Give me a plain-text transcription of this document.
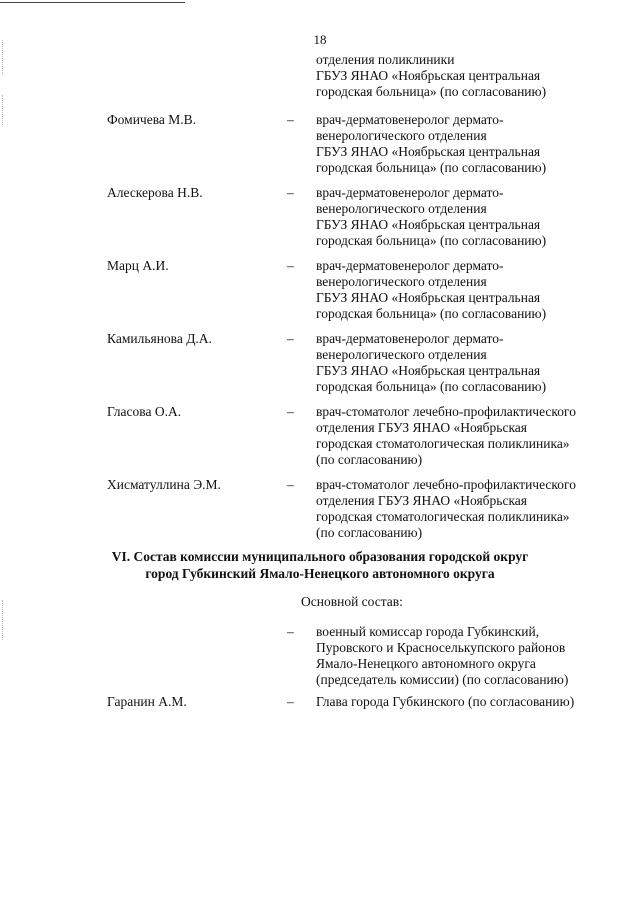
18
отделения поликлиники
ГБУЗ ЯНАО «Ноябрьская центральная
городская больница» (по согласованию)
Фомичева М.В.	– врач-дерматовенеролог дермато-
венерологического отделения
ГБУЗ ЯНАО «Ноябрьская центральная
городская больница» (по согласованию)
Алескерова Н.В.	– врач-дерматовенеролог дермато-
венерологического отделения
ГБУЗ ЯНАО «Ноябрьская центральная
городская больница» (по согласованию)
Марц А.И.	– врач-дерматовенеролог дермато-
венерологического отделения
ГБУЗ ЯНАО «Ноябрьская центральная
городская больница» (по согласованию)
Камильянова Д.А.	– врач-дерматовенеролог дермато-
венерологического отделения
ГБУЗ ЯНАО «Ноябрьская центральная
городская больница» (по согласованию)
Гласова О.А.	– врач-стоматолог лечебно-профилактического
отделения ГБУЗ ЯНАО «Ноябрьская
городская стоматологическая поликлиника»
(по согласованию)
Хисматуллина Э.М.	– врач-стоматолог лечебно-профилактического
отделения ГБУЗ ЯНАО «Ноябрьская
городская стоматологическая поликлиника»
(по согласованию)
VI. Состав комиссии муниципального образования городской округ
город Губкинский Ямало-Ненецкого автономного округа
Основной состав:
– военный комиссар города Губкинский,
Пуровского и Красноселькупского районов
Ямало-Ненецкого автономного округа
(председатель комиссии) (по согласованию)
Гаранин А.М.	– Глава города Губкинского (по согласованию)
